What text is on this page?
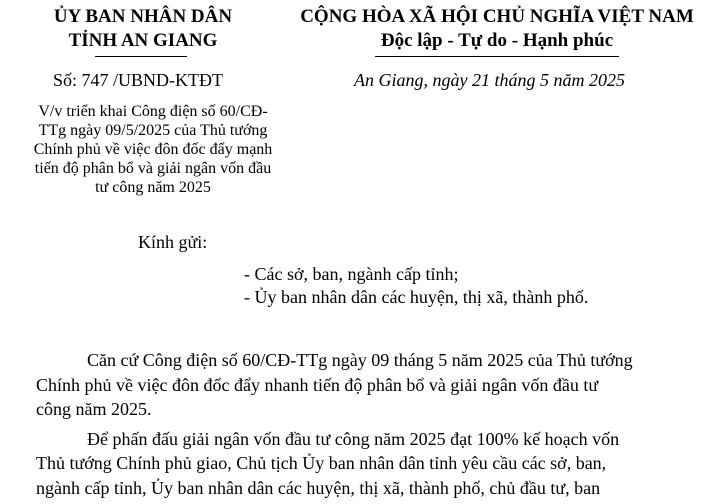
ỦY BAN NHÂN DÂN
TỈNH AN GIANG
Số: 747 /UBND-KTĐT
V/v triển khai Công điện số 60/CĐ-
TTg ngày 09/5/2025 của Thủ tướng
Chính phủ về việc đôn đốc đẩy mạnh
tiến độ phân bổ và giải ngân vốn đầu
tư công năm 2025
CỘNG HÒA XÃ HỘI CHỦ NGHĨA VIỆT NAM
Độc lập - Tự do - Hạnh phúc
An Giang, ngày 21 tháng 5 năm 2025
Kính gửi:
- Các sở, ban, ngành cấp tỉnh;
- Ủy ban nhân dân các huyện, thị xã, thành phố.
Căn cứ Công điện số 60/CĐ-TTg ngày 09 tháng 5 năm 2025 của Thủ tướng
Chính phủ về việc đôn đốc đẩy nhanh tiến độ phân bổ và giải ngân vốn đầu tư
công năm 2025.
Để phấn đấu giải ngân vốn đầu tư công năm 2025 đạt 100% kế hoạch vốn
Thủ tướng Chính phủ giao, Chủ tịch Ủy ban nhân dân tỉnh yêu cầu các sở, ban,
ngành cấp tỉnh, Ủy ban nhân dân các huyện, thị xã, thành phố, chủ đầu tư, ban
